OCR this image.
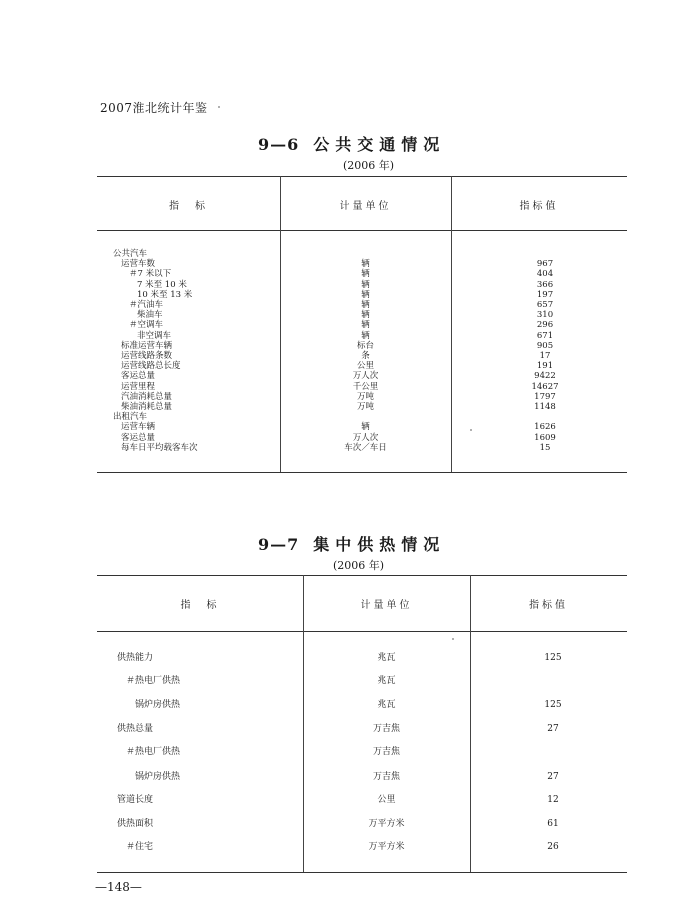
2007淮北统计年鉴
9—6 公共交通情况
(2006 年)
指　标	计量单位	指标值
公共汽车
运营车数	辆	967
＃7 米以下	辆	404
7 米至 10 米	辆	366
10 米至 13 米	辆	197
＃汽油车	辆	657
柴油车	辆	310
＃空调车	辆	296
非空调车	辆	671
标准运营车辆	标台	905
运营线路条数	条	17
运营线路总长度	公里	191
客运总量	万人次	9422
运营里程	千公里	14627
汽油消耗总量	万吨	1797
柴油消耗总量	万吨	1148
出租汽车
运营车辆	辆	1626
客运总量	万人次	1609
每车日平均载客车次	车次／车日	15
9—7 集中供热情况
(2006 年)
指　标	计量单位	指标值
供热能力	兆瓦	125
＃热电厂供热	兆瓦
锅炉房供热	兆瓦	125
供热总量	万吉焦	27
＃热电厂供热	万吉焦
锅炉房供热	万吉焦	27
管道长度	公里	12
供热面积	万平方米	61
＃住宅	万平方米	26
—148—
